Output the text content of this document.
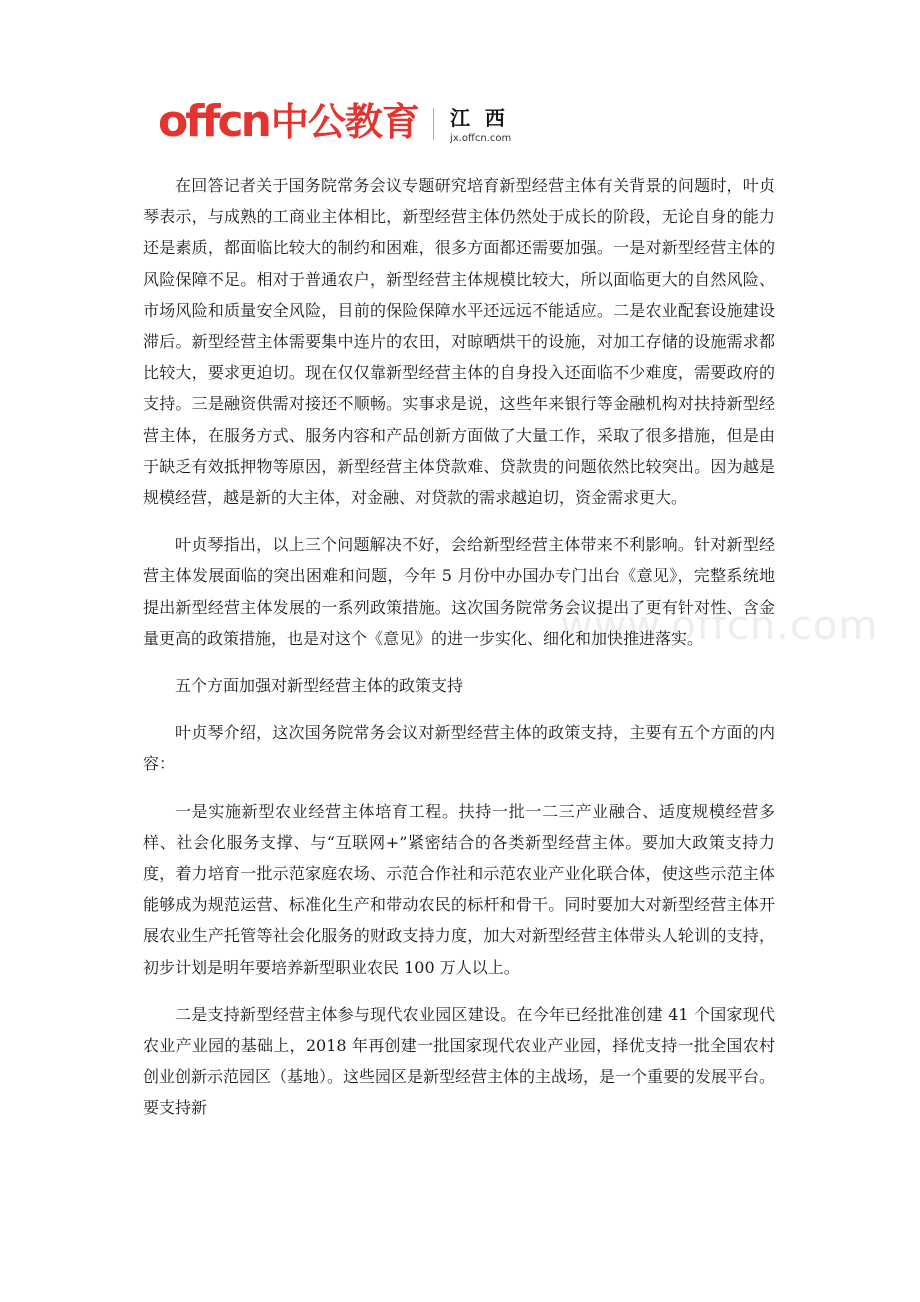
offcn 中公教育 江 西
jx.offcn.com
www.offcn.com

在回答记者关于国务院常务会议专题研究培育新型经营主体有关背景的问题时，叶贞琴表示，与成熟的工商业主体相比，新型经营主体仍然处于成长的阶段，无论自身的能力还是素质，都面临比较大的制约和困难，很多方面都还需要加强。一是对新型经营主体的风险保障不足。相对于普通农户，新型经营主体规模比较大，所以面临更大的自然风险、市场风险和质量安全风险，目前的保险保障水平还远远不能适应。二是农业配套设施建设滞后。新型经营主体需要集中连片的农田，对晾晒烘干的设施，对加工存储的设施需求都比较大，要求更迫切。现在仅仅靠新型经营主体的自身投入还面临不少难度，需要政府的支持。三是融资供需对接还不顺畅。实事求是说，这些年来银行等金融机构对扶持新型经营主体，在服务方式、服务内容和产品创新方面做了大量工作，采取了很多措施，但是由于缺乏有效抵押物等原因，新型经营主体贷款难、贷款贵的问题依然比较突出。因为越是规模经营，越是新的大主体，对金融、对贷款的需求越迫切，资金需求更大。

叶贞琴指出，以上三个问题解决不好，会给新型经营主体带来不利影响。针对新型经营主体发展面临的突出困难和问题，今年 5 月份中办国办专门出台《意见》，完整系统地提出新型经营主体发展的一系列政策措施。这次国务院常务会议提出了更有针对性、含金量更高的政策措施，也是对这个《意见》的进一步实化、细化和加快推进落实。

五个方面加强对新型经营主体的政策支持

叶贞琴介绍，这次国务院常务会议对新型经营主体的政策支持，主要有五个方面的内容：

一是实施新型农业经营主体培育工程。扶持一批一二三产业融合、适度规模经营多样、社会化服务支撑、与“互联网+”紧密结合的各类新型经营主体。要加大政策支持力度，着力培育一批示范家庭农场、示范合作社和示范农业产业化联合体，使这些示范主体能够成为规范运营、标准化生产和带动农民的标杆和骨干。同时要加大对新型经营主体开展农业生产托管等社会化服务的财政支持力度，加大对新型经营主体带头人轮训的支持，初步计划是明年要培养新型职业农民 100 万人以上。

二是支持新型经营主体参与现代农业园区建设。在今年已经批准创建 41 个国家现代农业产业园的基础上，2018 年再创建一批国家现代农业产业园，择优支持一批全国农村创业创新示范园区（基地）。这些园区是新型经营主体的主战场，是一个重要的发展平台。要支持新
